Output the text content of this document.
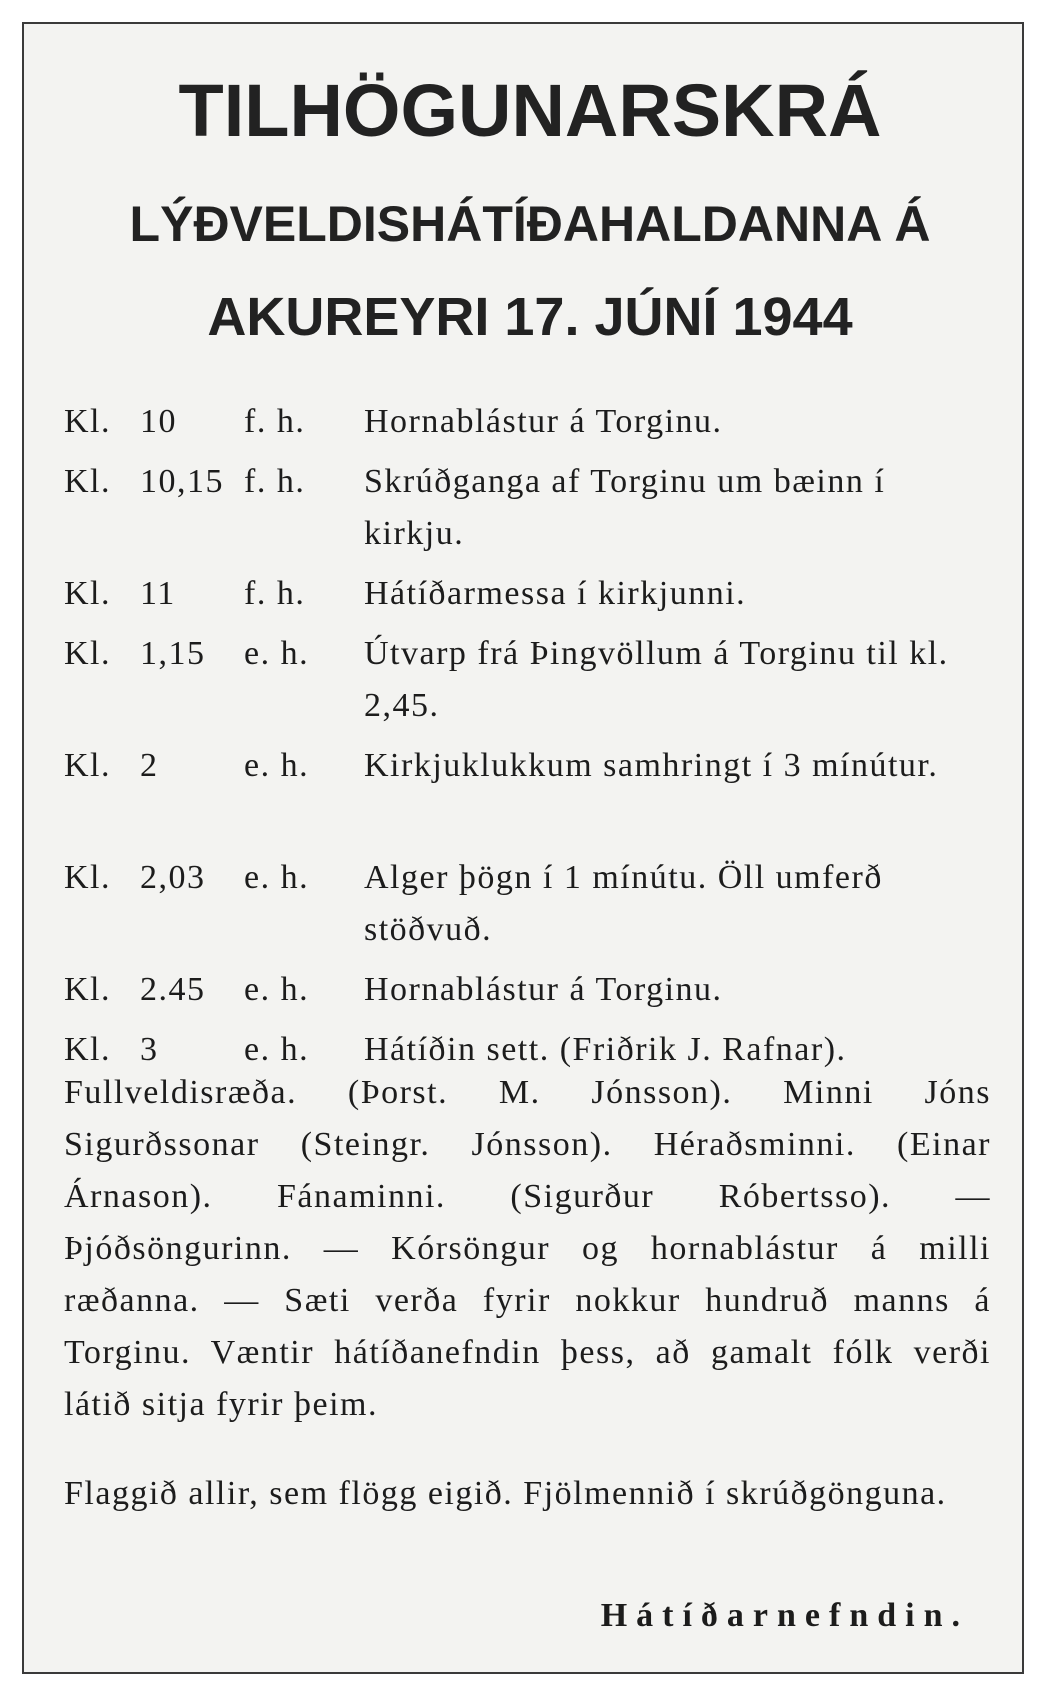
TILHÖGUNARSKRÁ
LÝÐVELDISHÁTÍÐAHALDANNA Á
AKUREYRI 17. JÚNÍ 1944
Kl. 10 f. h. Hornablástur á Torginu.
Kl. 10,15 f. h. Skrúðganga af Torginu um bæinn í kirkju.
Kl. 11 f. h. Hátíðarmessa í kirkjunni.
Kl. 1,15 e. h. Útvarp frá Þingvöllum á Torginu til kl. 2,45.
Kl. 2	e. h. Kirkjuklukkum samhringt í 3 mínútur.
Kl. 2,03 e. h. Alger þögn í 1 mínútu. Öll umferð stöðvuð.
Kl. 2.45 e. h. Hornablástur á Torginu.
Kl. 3	e. h. Hátíðin sett. (Friðrik J. Rafnar).
Fullveldisræða. (Þorst. M. Jónsson). Minni Jóns Sigurðssonar (Steingr. Jónsson). Héraðsminni. (Einar Árnason). Fánaminni. (Sigurður Róbertsso). — Þjóðsöngurinn. — Kórsöngur og hornablástur á milli ræðanna. — Sæti verða fyrir nokkur hundruð manns á Torginu. Væntir hátíðanefndin þess, að gamalt fólk verði látið sitja fyrir þeim.
Flaggið allir, sem flögg eigið. Fjölmennið í skrúðgönguna.
Hátíðarnefndin.
